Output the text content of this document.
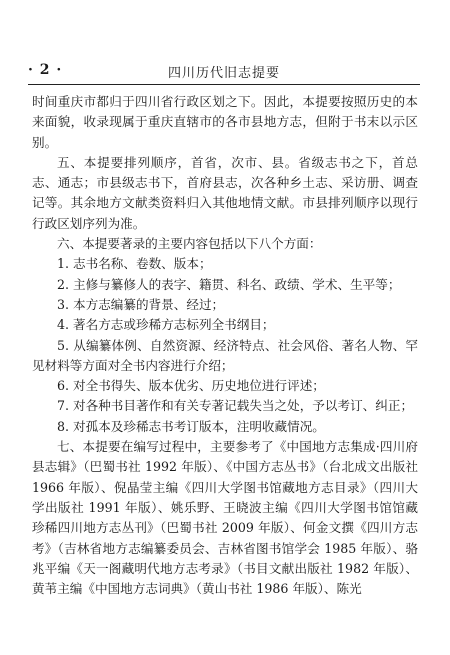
· 2 ·	四川历代旧志提要

时间重庆市都归于四川省行政区划之下。因此，本提要按照历史的本来面貌，收录现属于重庆直辖市的各市县地方志，但附于书末以示区别。

五、本提要排列顺序，首省，次市、县。省级志书之下，首总志、通志；市县级志书下，首府县志，次各种乡土志、采访册、调查记等。其余地方文献类资料归入其他地情文献。市县排列顺序以现行行政区划序列为准。

六、本提要著录的主要内容包括以下八个方面：

1. 志书名称、卷数、版本；

2. 主修与纂修人的表字、籍贯、科名、政绩、学术、生平等；

3. 本方志编纂的背景、经过；

4. 著名方志或珍稀方志标列全书纲目；

5. 从编纂体例、自然资源、经济特点、社会风俗、著名人物、罕见材料等方面对全书内容进行介绍；

6. 对全书得失、版本优劣、历史地位进行评述；

7. 对各种书目著作和有关专著记载失当之处，予以考订、纠正；

8. 对孤本及珍稀志书考订版本，注明收藏情况。

七、本提要在编写过程中，主要参考了《中国地方志集成·四川府县志辑》（巴蜀书社 1992 年版）、《中国方志丛书》（台北成文出版社 1966 年版）、倪晶莹主编《四川大学图书馆藏地方志目录》（四川大学出版社 1991 年版）、姚乐野、王晓波主编《四川大学图书馆馆藏珍稀四川地方志丛刊》（巴蜀书社 2009 年版）、何金文撰《四川方志考》（吉林省地方志编纂委员会、吉林省图书馆学会 1985 年版）、骆兆平编《天一阁藏明代地方志考录》（书目文献出版社 1982 年版）、黄苇主编《中国地方志词典》（黄山书社 1986 年版）、陈光
